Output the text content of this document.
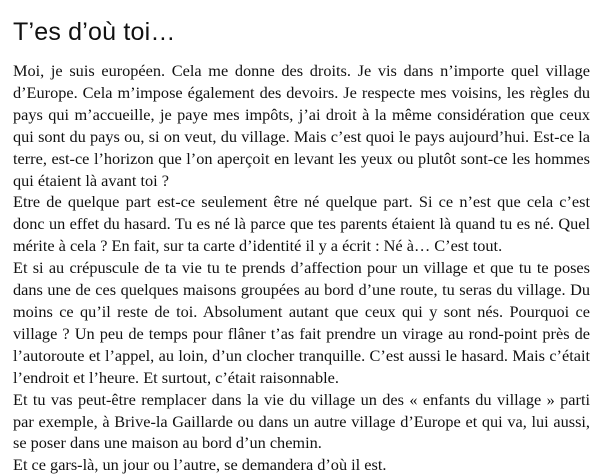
T’es d’où toi…

Moi, je suis européen. Cela me donne des droits. Je vis dans n’importe quel village d’Europe. Cela m’impose également des devoirs. Je respecte mes voisins, les règles du pays qui m’accueille, je paye mes impôts, j’ai droit à la même considération que ceux qui sont du pays ou, si on veut, du village. Mais c’est quoi le pays aujourd’hui. Est-ce la terre, est-ce l’horizon que l’on aperçoit en levant les yeux ou plutôt sont-ce les hommes qui étaient là avant toi ?

Etre de quelque part est-ce seulement être né quelque part. Si ce n’est que cela c’est donc un effet du hasard. Tu es né là parce que tes parents étaient là quand tu es né. Quel mérite à cela ? En fait, sur ta carte d’identité il y a écrit : Né à… C’est tout.

Et si au crépuscule de ta vie tu te prends d’affection pour un village et que tu te poses dans une de ces quelques maisons groupées au bord d’une route, tu seras du village. Du moins ce qu’il reste de toi. Absolument autant que ceux qui y sont nés. Pourquoi ce village ? Un peu de temps pour flâner t’as fait prendre un virage au rond-point près de l’autoroute et l’appel, au loin, d’un clocher tranquille. C’est aussi le hasard. Mais c’était l’endroit et l’heure. Et surtout, c’était raisonnable.

Et tu vas peut-être remplacer dans la vie du village un des « enfants du village » parti par exemple, à Brive-la Gaillarde ou dans un autre village d’Europe et qui va, lui aussi, se poser dans une maison au bord d’un chemin.

Et ce gars-là, un jour ou l’autre, se demandera d’où il est.
